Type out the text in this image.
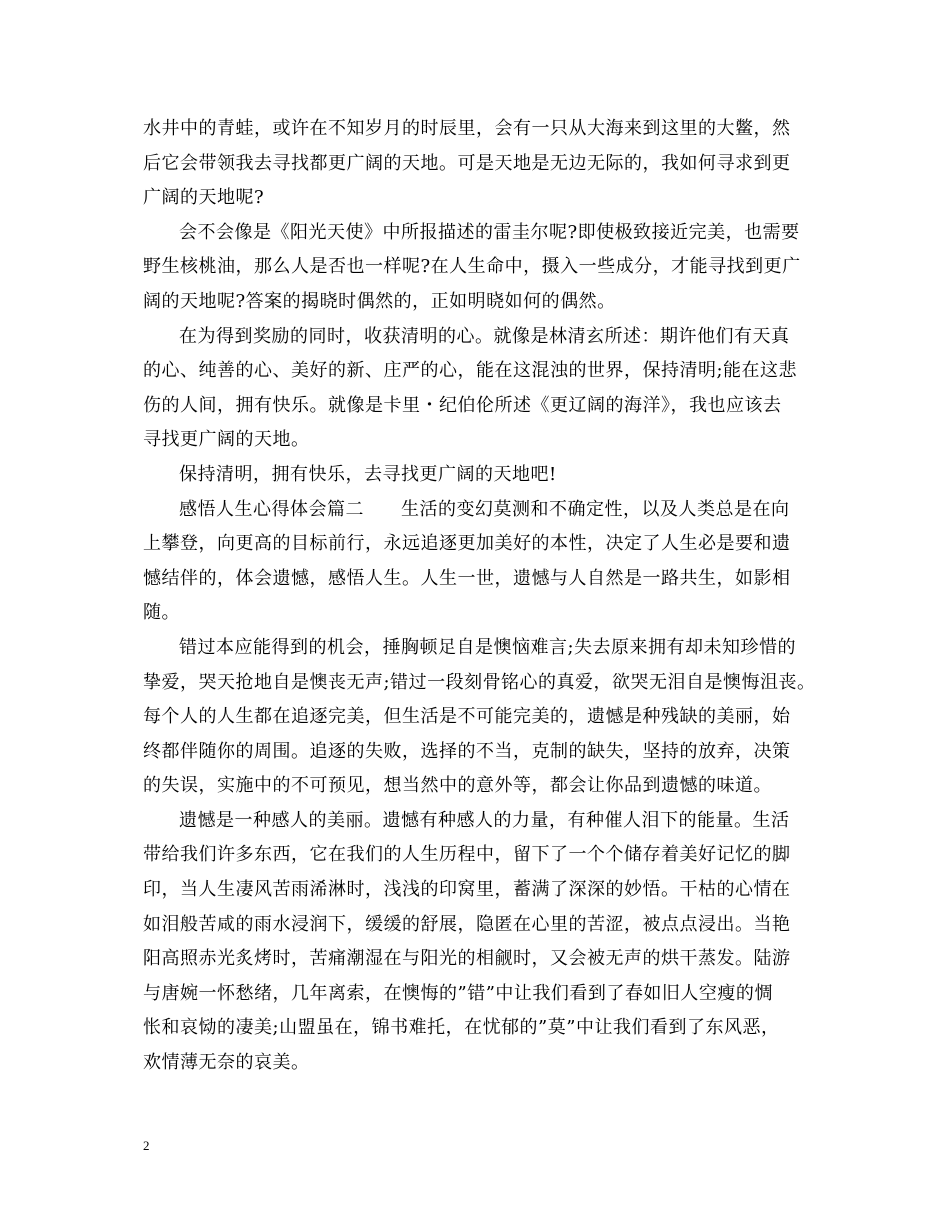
水井中的青蛙，或许在不知岁月的时辰里，会有一只从大海来到这里的大鳖，然
后它会带领我去寻找都更广阔的天地。可是天地是无边无际的，我如何寻求到更
广阔的天地呢?
会不会像是《阳光天使》中所报描述的雷圭尔呢?即使极致接近完美，也需要
野生核桃油，那么人是否也一样呢?在人生命中，摄入一些成分，才能寻找到更广
阔的天地呢?答案的揭晓时偶然的，正如明晓如何的偶然。
在为得到奖励的同时，收获清明的心。就像是林清玄所述：期许他们有天真
的心、纯善的心、美好的新、庄严的心，能在这混浊的世界，保持清明;能在这悲
伤的人间，拥有快乐。就像是卡里・纪伯伦所述《更辽阔的海洋》，我也应该去
寻找更广阔的天地。
保持清明，拥有快乐，去寻找更广阔的天地吧!
感悟人生心得体会篇二　　生活的变幻莫测和不确定性，以及人类总是在向
上攀登，向更高的目标前行，永远追逐更加美好的本性，决定了人生必是要和遗
憾结伴的，体会遗憾，感悟人生。人生一世，遗憾与人自然是一路共生，如影相
随。
错过本应能得到的机会，捶胸顿足自是懊恼难言;失去原来拥有却未知珍惜的
挚爱，哭天抢地自是懊丧无声;错过一段刻骨铭心的真爱，欲哭无泪自是懊悔沮丧。
每个人的人生都在追逐完美，但生活是不可能完美的，遗憾是种残缺的美丽，始
终都伴随你的周围。追逐的失败，选择的不当，克制的缺失，坚持的放弃，决策
的失误，实施中的不可预见，想当然中的意外等，都会让你品到遗憾的味道。
遗憾是一种感人的美丽。遗憾有种感人的力量，有种催人泪下的能量。生活
带给我们许多东西，它在我们的人生历程中，留下了一个个储存着美好记忆的脚
印，当人生凄风苦雨浠淋时，浅浅的印窝里，蓄满了深深的妙悟。干枯的心情在
如泪般苦咸的雨水浸润下，缓缓的舒展，隐匿在心里的苦涩，被点点浸出。当艳
阳高照赤光炙烤时，苦痛潮湿在与阳光的相觎时，又会被无声的烘干蒸发。陆游
与唐婉一怀愁绪，几年离索，在懊悔的”错”中让我们看到了春如旧人空瘦的惆
怅和哀恸的凄美;山盟虽在，锦书难托，在忧郁的”莫”中让我们看到了东风恶，
欢情薄无奈的哀美。
2
